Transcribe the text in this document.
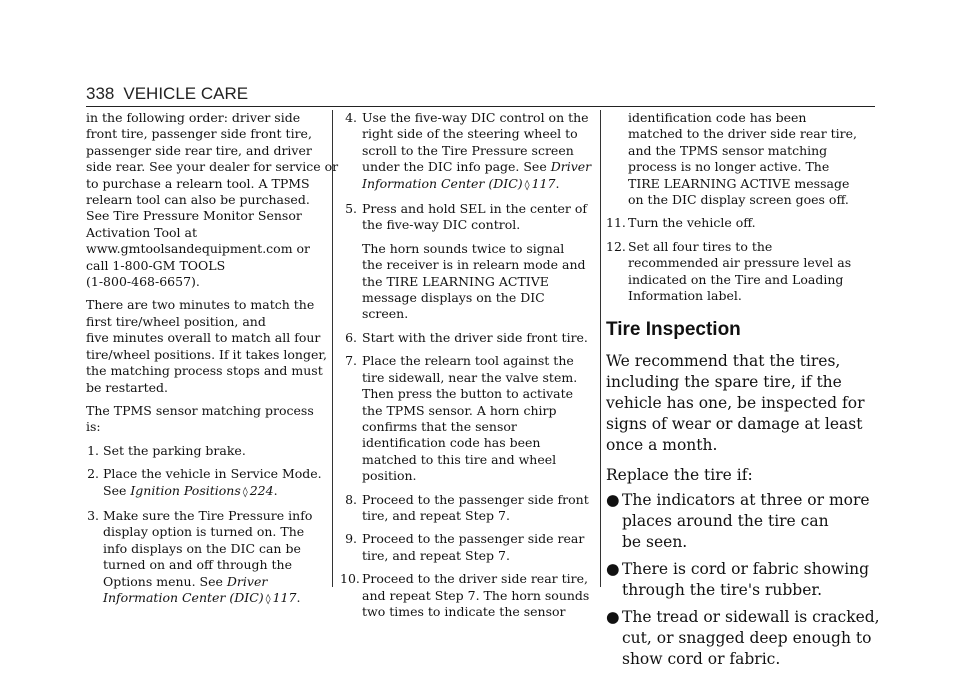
338 VEHICLE CARE

in the following order: driver side
front tire, passenger side front tire,
passenger side rear tire, and driver
side rear. See your dealer for service or
to purchase a relearn tool. A TPMS
relearn tool can also be purchased.
See Tire Pressure Monitor Sensor
Activation Tool at
www.gmtoolsandequipment.com or
call 1-800-GM TOOLS
(1-800-468-6657).

There are two minutes to match the
first tire/wheel position, and
five minutes overall to match all four
tire/wheel positions. If it takes longer,
the matching process stops and must
be restarted.

The TPMS sensor matching process is:

1. Set the parking brake.
2. Place the vehicle in Service Mode.
See Ignition Positions ◊ 224.
3. Make sure the Tire Pressure info
display option is turned on. The
info displays on the DIC can be
turned on and off through the
Options menu. See Driver
Information Center (DIC) ◊ 117.
4. Use the five-way DIC control on the
right side of the steering wheel to
scroll to the Tire Pressure screen
under the DIC info page. See Driver
Information Center (DIC) ◊ 117.
5. Press and hold SEL in the center of
the five-way DIC control.
The horn sounds twice to signal
the receiver is in relearn mode and
the TIRE LEARNING ACTIVE
message displays on the DIC
screen.
6. Start with the driver side front tire.
7. Place the relearn tool against the
tire sidewall, near the valve stem.
Then press the button to activate
the TPMS sensor. A horn chirp
confirms that the sensor
identification code has been
matched to this tire and wheel
position.
8. Proceed to the passenger side front
tire, and repeat Step 7.
9. Proceed to the passenger side rear
tire, and repeat Step 7.
10. Proceed to the driver side rear tire,
and repeat Step 7. The horn sounds
two times to indicate the sensor
identification code has been
matched to the driver side rear tire,
and the TPMS sensor matching
process is no longer active. The
TIRE LEARNING ACTIVE message
on the DIC display screen goes off.
11. Turn the vehicle off.
12. Set all four tires to the
recommended air pressure level as
indicated on the Tire and Loading
Information label.
Tire Inspection

We recommend that the tires,
including the spare tire, if the
vehicle has one, be inspected for
signs of wear or damage at least
once a month.

Replace the tire if:

● The indicators at three or more
places around the tire can
be seen.
● There is cord or fabric showing
through the tire's rubber.
● The tread or sidewall is cracked,
cut, or snagged deep enough to
show cord or fabric.
